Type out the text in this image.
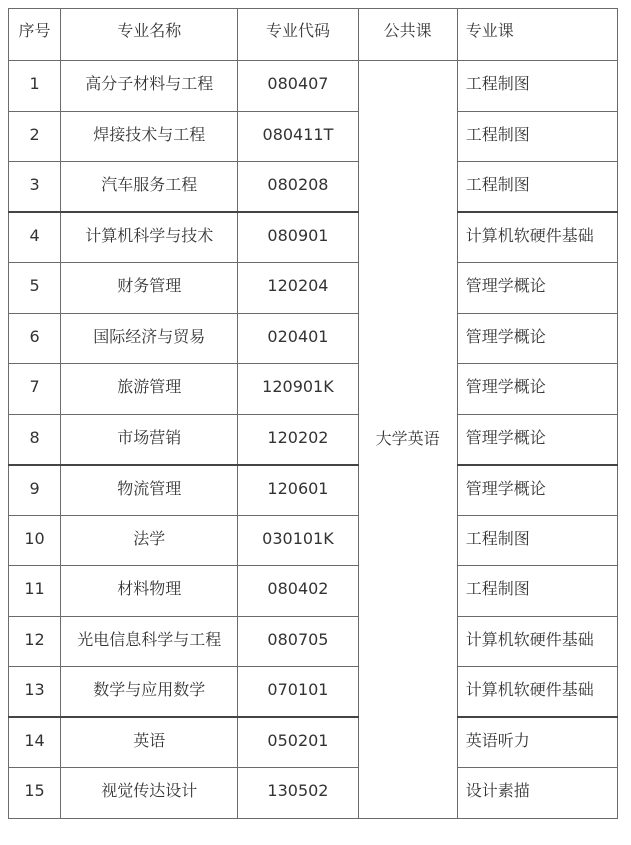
序号	专业名称	专业代码	公共课	专业课
1	高分子材料与工程	080407	大学英语	工程制图
2	焊接技术与工程	080411T		工程制图
3	汽车服务工程	080208		工程制图
4	计算机科学与技术	080901		计算机软硬件基础
5	财务管理	120204		管理学概论
6	国际经济与贸易	020401		管理学概论
7	旅游管理	120901K		管理学概论
8	市场营销	120202		管理学概论
9	物流管理	120601		管理学概论
10	法学	030101K		工程制图
11	材料物理	080402		工程制图
12	光电信息科学与工程	080705		计算机软硬件基础
13	数学与应用数学	070101		计算机软硬件基础
14	英语	050201		英语听力
15	视觉传达设计	130502		设计素描
